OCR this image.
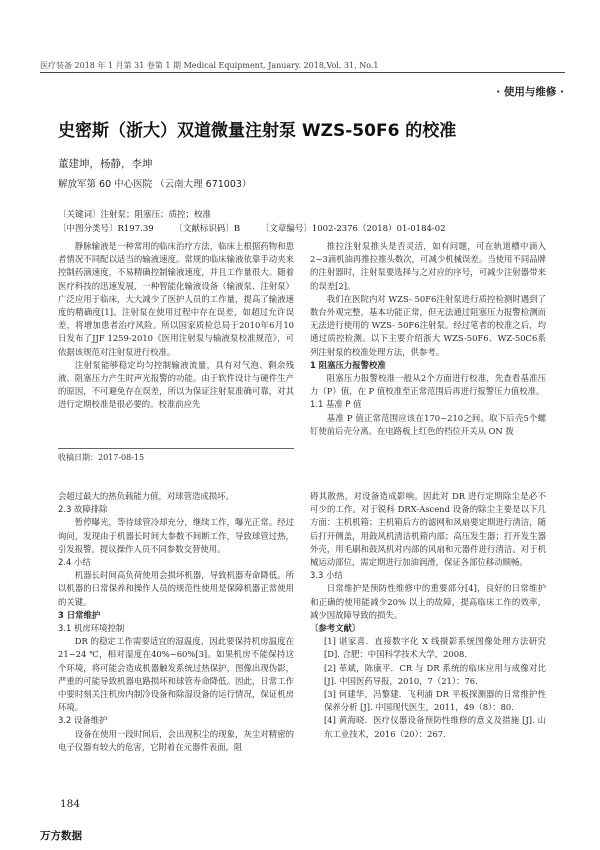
医疗装备 2018 年 1 月第 31 卷第 1 期 Medical Equipment, January. 2018,Vol. 31, No.1
· 使用与维修 ·
史密斯（浙大）双道微量注射泵 WZS-50F6 的校准
董建坤，杨静，李坤
解放军第 60 中心医院 （云南大理 671003）
〔关键词〕注射泵；阻塞压；质控；校准
〔中图分类号〕R197.39 〔文献标识码〕B 〔文章编号〕1002-2376（2018）01-0184-02

静脉输液是一种常用的临床治疗方法，临床上根据药物和患者情况不同配以适当的输液速度。常规的临床输液依靠手动夹来控制药滴速度，不易精确控制输液速度，并且工作量很大。随着医疗科技的迅速发展，一种智能化输液设备（输液泵、注射泵）广泛应用于临床，大大减少了医护人员的工作量，提高了输液速度的精确度[1]。注射泵在使用过程中存在误差，如超过允许误差，将增加患者治疗风险。所以国家质检总局于2010年6月10日发布了JJF 1259-2010《医用注射泵与输液泵校准规范》，可依据该规范对注射泵进行校准。

注射泵能够稳定均匀控制输液流量，具有对气泡、剩余残液、阻塞压力产生时声光报警的功能。由于软件设计与硬件生产的原因，不可避免存在误差，所以为保证注射泵准确可靠，对其进行定期校准是很必要的。校准前应先

收稿日期：2017-08-15

推拉注射泵推头是否灵活，如有问题，可在轨道槽中滴入2~3滴机油再推拉推头数次，可减少机械误差。当使用不同品牌的注射器时，注射泵要选择与之对应的序号，可减少注射器带来的误差[2]。

我们在医院内对 WZS- 50F6注射泵进行质控检测时遇到了数台外观完整，基本功能正常，但无法通过阻塞压力报警检测而无法进行使用的 WZS- 50F6注射泵。经过笔者的校准之后，均通过质控检测。以下主要介绍浙大 WZS-50F6、WZ-50C6系列注射泵的校准处理方法，供参考。

1 阻塞压力报警校准

阻塞压力报警校准一般从2个方面进行校准，先查看基准压力（P）值，在 P 值校准至正常范围后再进行报警压力值校准。

1.1 基准 P 值

基准 P 值正常范围应该在170~210之间。取下后壳5个螺钉使前后壳分离。在电路板上红色的档位开关从 ON 拨

会超过最大的热负载能力值，对球管造成损坏。

2.3 故障排除

暂停曝光，等待球管冷却充分，继续工作，曝光正常。经过询问，发现由于机器长时间大参数不间断工作，导致球管过热，引发报警。提议操作人员不同参数交替使用。

2.4 小结

机器长时间高负荷使用会损坏机器，导致机器寿命降低。所以机器的日常保养和操作人员的规范性使用是保障机器正常使用的关键。

3 日常维护

3.1 机房环境控制

DR 的稳定工作需要适宜的湿温度，因此要保持机房温度在21~24 ℃，相对湿度在40%~60%[3]。如果机房不能保持这个环境，将可能会造成机器触发系统过热保护，图像出现伪影，严重的可能导致机器电路损坏和球管寿命降低。因此，日常工作中要时刻关注机房内制冷设备和除湿设备的运行情况，保证机房环境。

3.2 设备维护

设备在使用一段时间后，会出现积尘的现象，灰尘对精密的电子仪器有较大的危害，它附着在元器件表面，阻

碍其散热，对设备造成影响。因此对 DR 进行定期除尘是必不可少的工作。对于锐科 DRX-Ascend 设备的除尘主要是以下几方面：主机机箱；主机箱后方的滤网和风扇要定期进行清洁，随后打开侧盖，用鼓风机清洁机箱内部；高压发生器；打开发生器外壳，用毛刷和鼓风机对内部的风扇和元器件进行清洁。对于机械运动部位，需定期进行加油润滑，保证各部位移动顺畅。

3.3 小结

日常维护是预防性维修中的重要部分[4]，良好的日常维护和正确的使用能减少20% 以上的故障，提高临床工作的效率，减少因故障导致的损失。

〔参考文献〕

[1] 谌家喜．直接数字化 X 线摄影系统图像处理方法研究 [D]. 合肥：中国科学技术大学，2008.

[2] 革斌，陈康平．CR 与 DR 系统的临床应用与成像对比 [J]. 中国医药导报，2010，7（21）：76.

[3] 何建华，冯黎建．飞利浦 DR 平板探测器的日常维护性保养分析 [J]. 中国现代医生，2011，49（8）：80.

[4] 黄海晓．医疗仪器设备预防性维修的意义及措施 [J]. 山东工业技术，2016（20）：267.

184
万方数据
